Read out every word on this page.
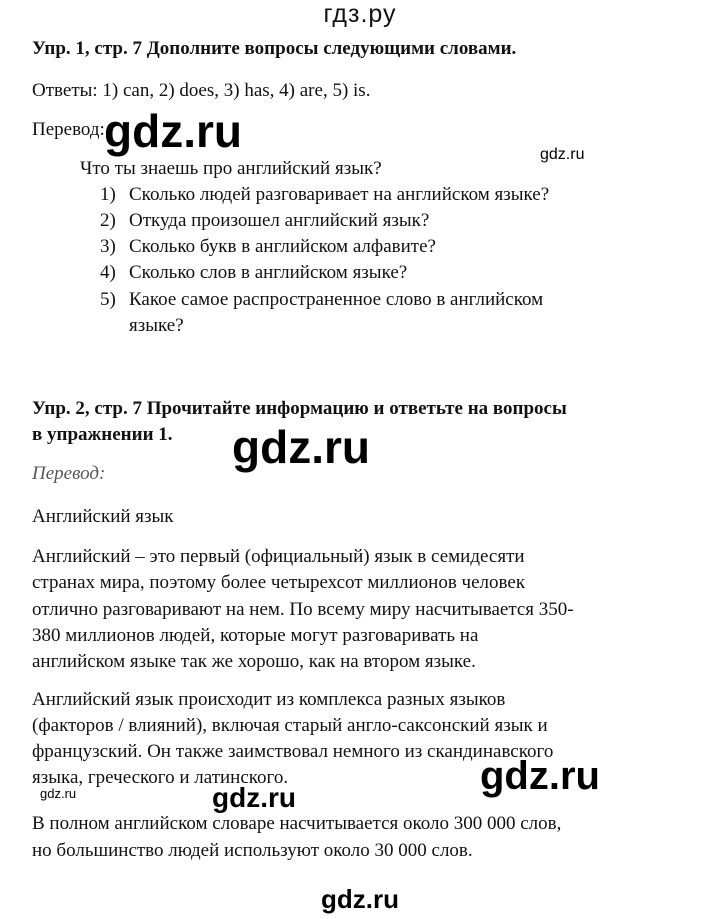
гдз.ру
Упр. 1, стр. 7 Дополните вопросы следующими словами.
Ответы: 1) can, 2) does, 3) has, 4) are, 5) is.
Перевод: gdz.ru	gdz.ru
Что ты знаешь про английский язык?
1) Сколько людей разговаривает на английском языке?
2) Откуда произошел английский язык?
3) Сколько букв в английском алфавите?
4) Сколько слов в английском языке?
5) Какое самое распространенное слово в английском
языке?
Упр. 2, стр. 7 Прочитайте информацию и ответьте на вопросы
в упражнении 1. gdz.ru
Перевод:
Английский язык
Английский – это первый (официальный) язык в семидесяти
странах мира, поэтому более четырехсот миллионов человек
отлично разговаривают на нем. По всему миру насчитывается 350-
380 миллионов людей, которые могут разговаривать на
английском языке так же хорошо, как на втором языке.
Английский язык происходит из комплекса разных языков
(факторов / влияний), включая старый англо-саксонский язык и
французский. Он также заимствовал немного из скандинавского
языка, греческого и латинского.	gdz.ru
gdz.ru	gdz.ru
В полном английском словаре насчитывается около 300 000 слов,
но большинство людей используют около 30 000 слов.
gdz.ru
